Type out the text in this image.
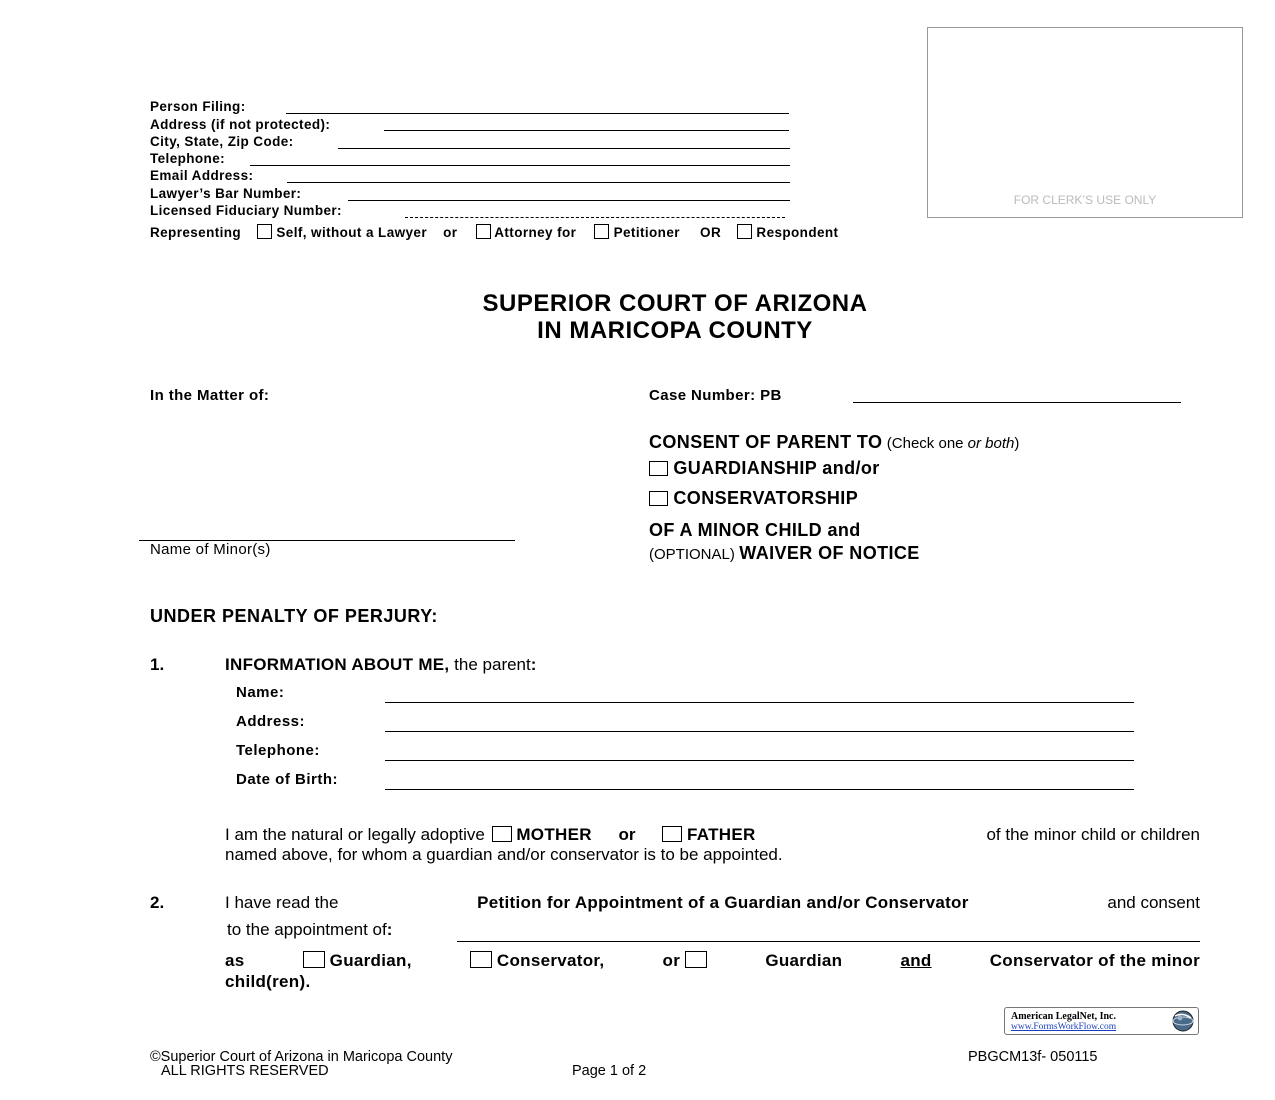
Person Filing:
Address (if not protected):
City, State, Zip Code:
Telephone:
Email Address:
Lawyer’s Bar Number:
Licensed Fiduciary Number:
Representing	Self, without a Lawyer or	Attorney for	Petitioner OR	Respondent
FOR CLERK’S USE ONLY
SUPERIOR COURT OF ARIZONA
IN MARICOPA COUNTY
In the Matter of:
Name of Minor(s)
Case Number: PB
CONSENT OF PARENT TO (Check one or both)
GUARDIANSHIP and/or
CONSERVATORSHIP
OF A MINOR CHILD and
(OPTIONAL) WAIVER OF NOTICE
UNDER PENALTY OF PERJURY:
1.	INFORMATION ABOUT ME, the parent:
Name:
Address:
Telephone:
Date of Birth:
I am the natural or legally adoptive MOTHER or	FATHER	of the minor child or children
named above, for whom a guardian and/or conservator is to be appointed.
2.	I have read the	Petition for Appointment of a Guardian and/or Conservator	and consent
to the appointment of:
as	Guardian,	Conservator,	or	Guardian	and	Conservator of the minor
child(ren).
American LegalNet, Inc.
www.FormsWorkFlow.com
©Superior Court of Arizona in Maricopa County
ALL RIGHTS RESERVED	Page 1 of 2
PBGCM13f- 050115
